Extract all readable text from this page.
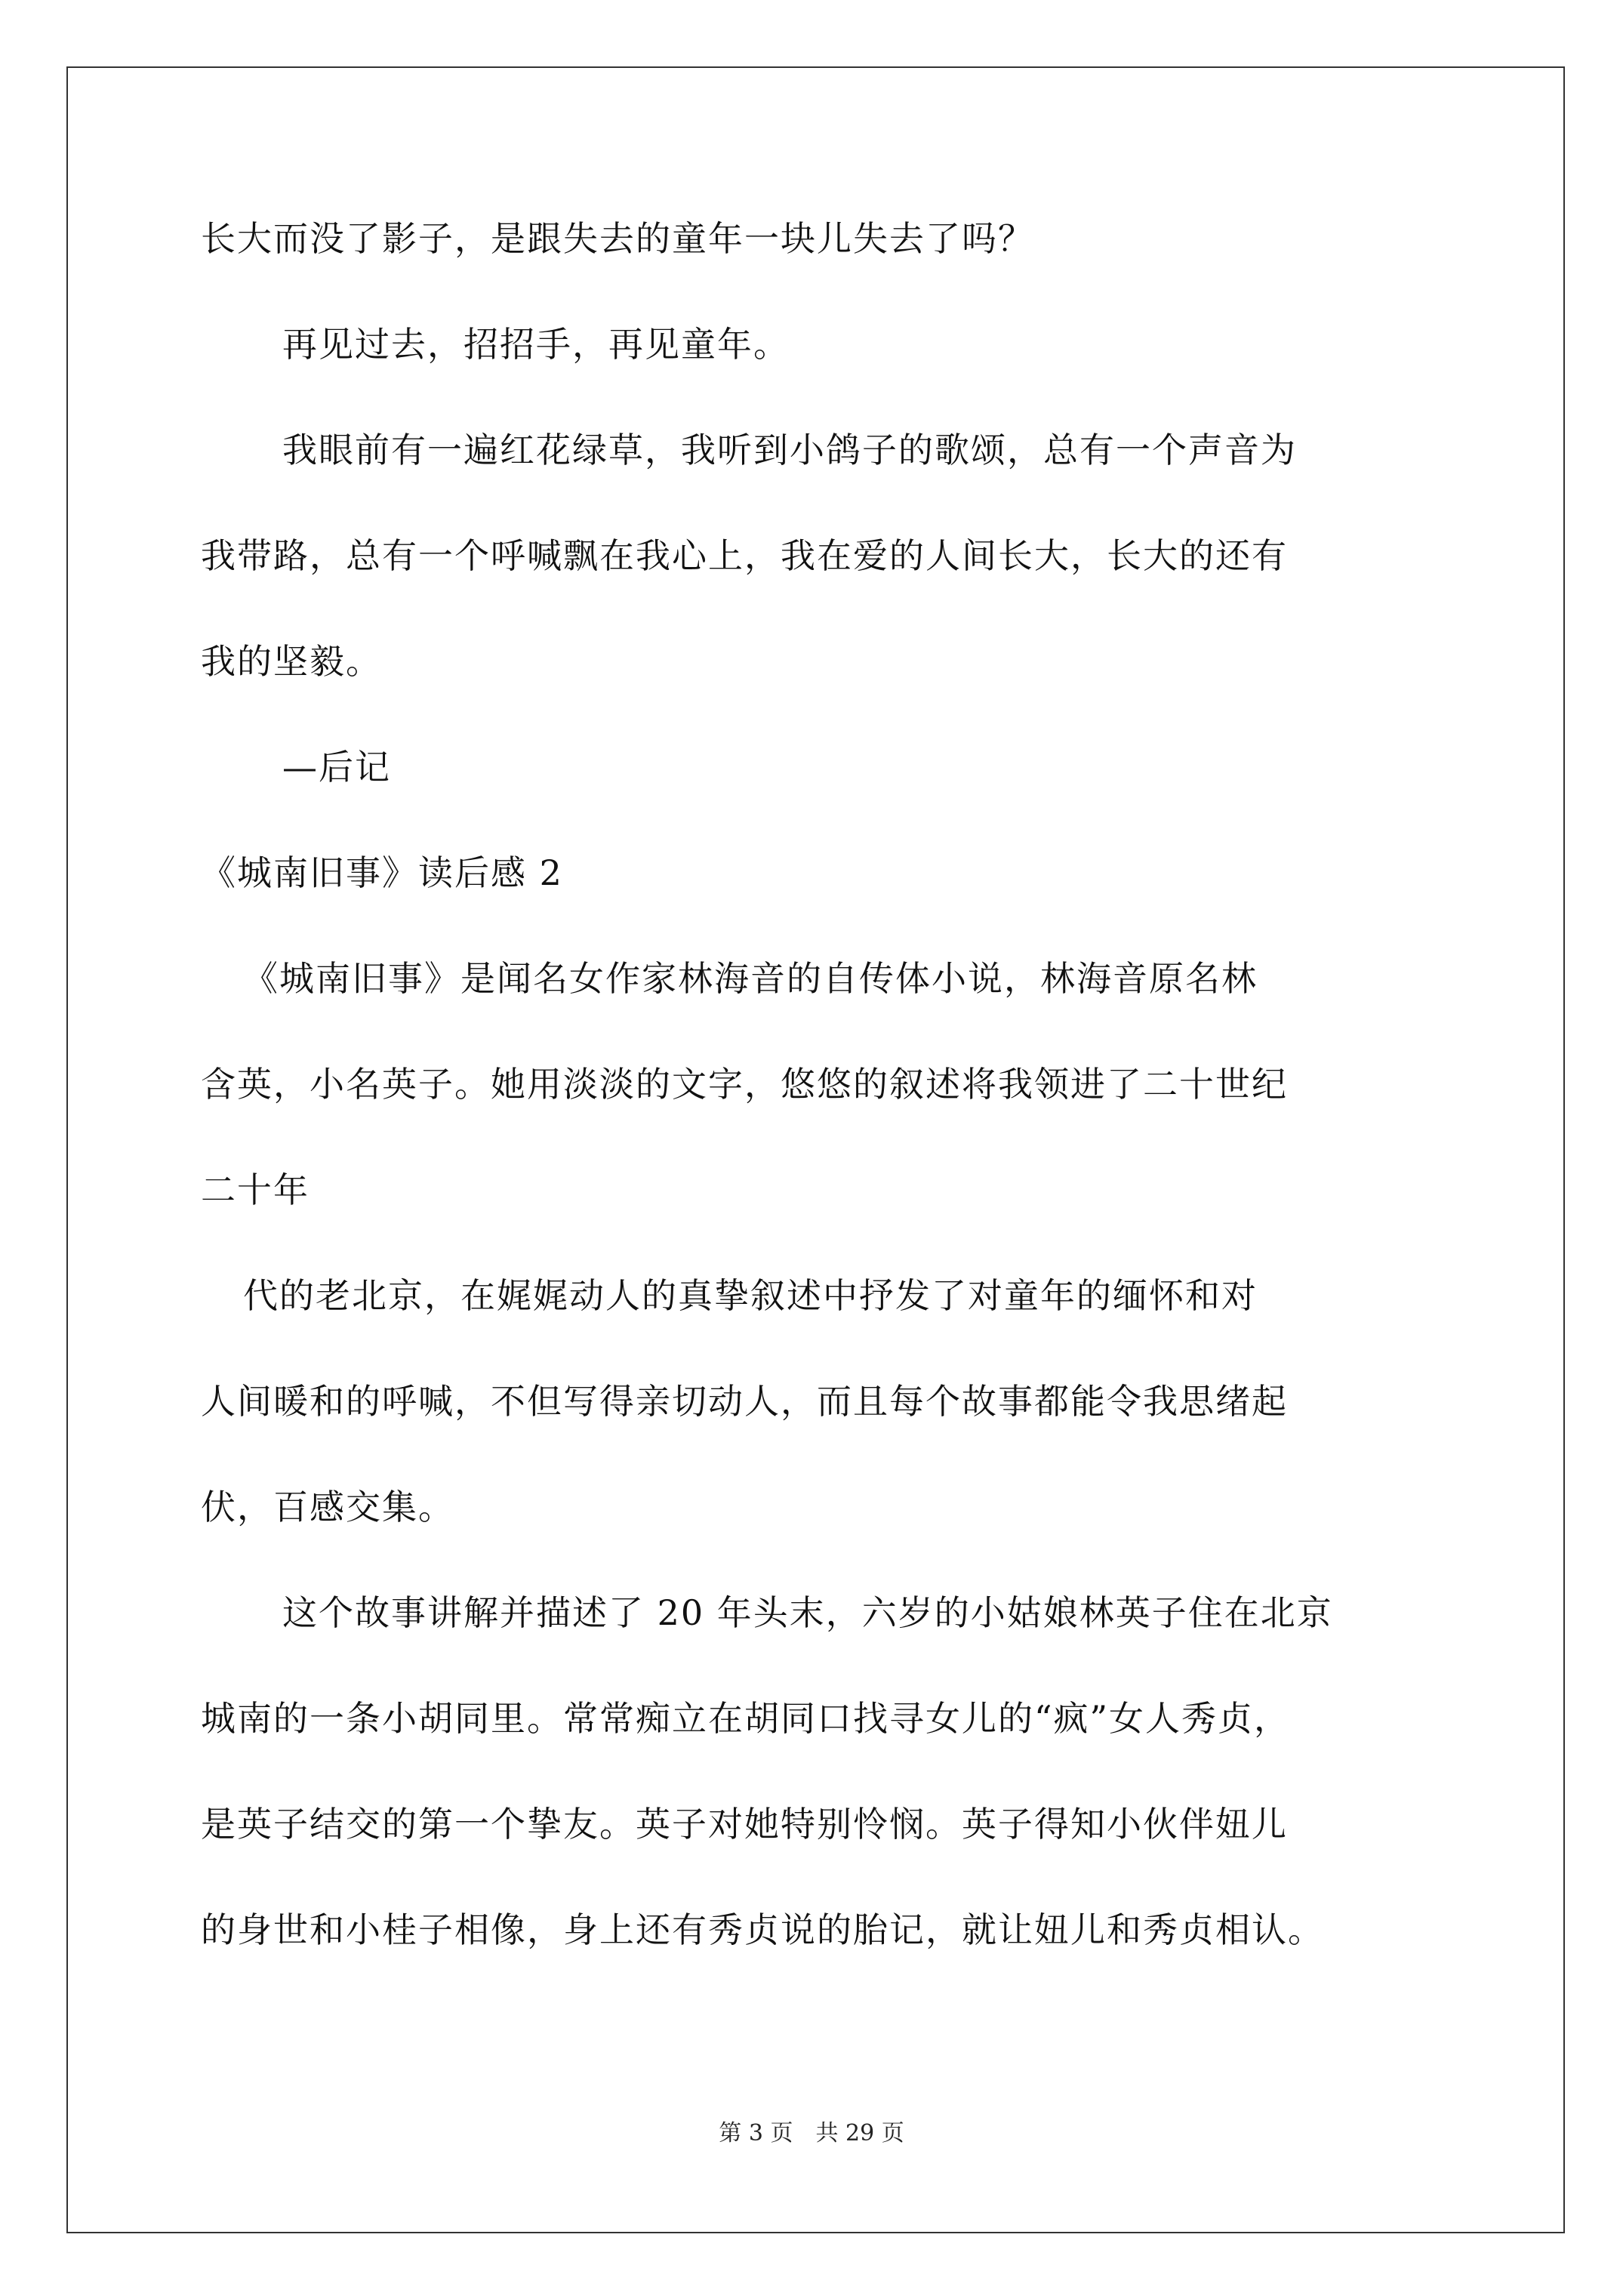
长大而没了影子，是跟失去的童年一块儿失去了吗？
再见过去，招招手，再见童年。
我眼前有一遍红花绿草，我听到小鸽子的歌颂，总有一个声音为
我带路，总有一个呼喊飘在我心上，我在爱的人间长大，长大的还有
我的坚毅。
—后记
《城南旧事》读后感 2
《城南旧事》是闻名女作家林海音的自传体小说，林海音原名林
含英，小名英子。她用淡淡的文字，悠悠的叙述将我领进了二十世纪
二十年
代的老北京，在娓娓动人的真挚叙述中抒发了对童年的缅怀和对
人间暖和的呼喊，不但写得亲切动人，而且每个故事都能令我思绪起
伏，百感交集。
这个故事讲解并描述了 20 年头末，六岁的小姑娘林英子住在北京
城南的一条小胡同里。常常痴立在胡同口找寻女儿的“疯”女人秀贞，
是英子结交的第一个挚友。英子对她特别怜悯。英子得知小伙伴妞儿
的身世和小桂子相像，身上还有秀贞说的胎记，就让妞儿和秀贞相认。
第 3 页　共 29 页
